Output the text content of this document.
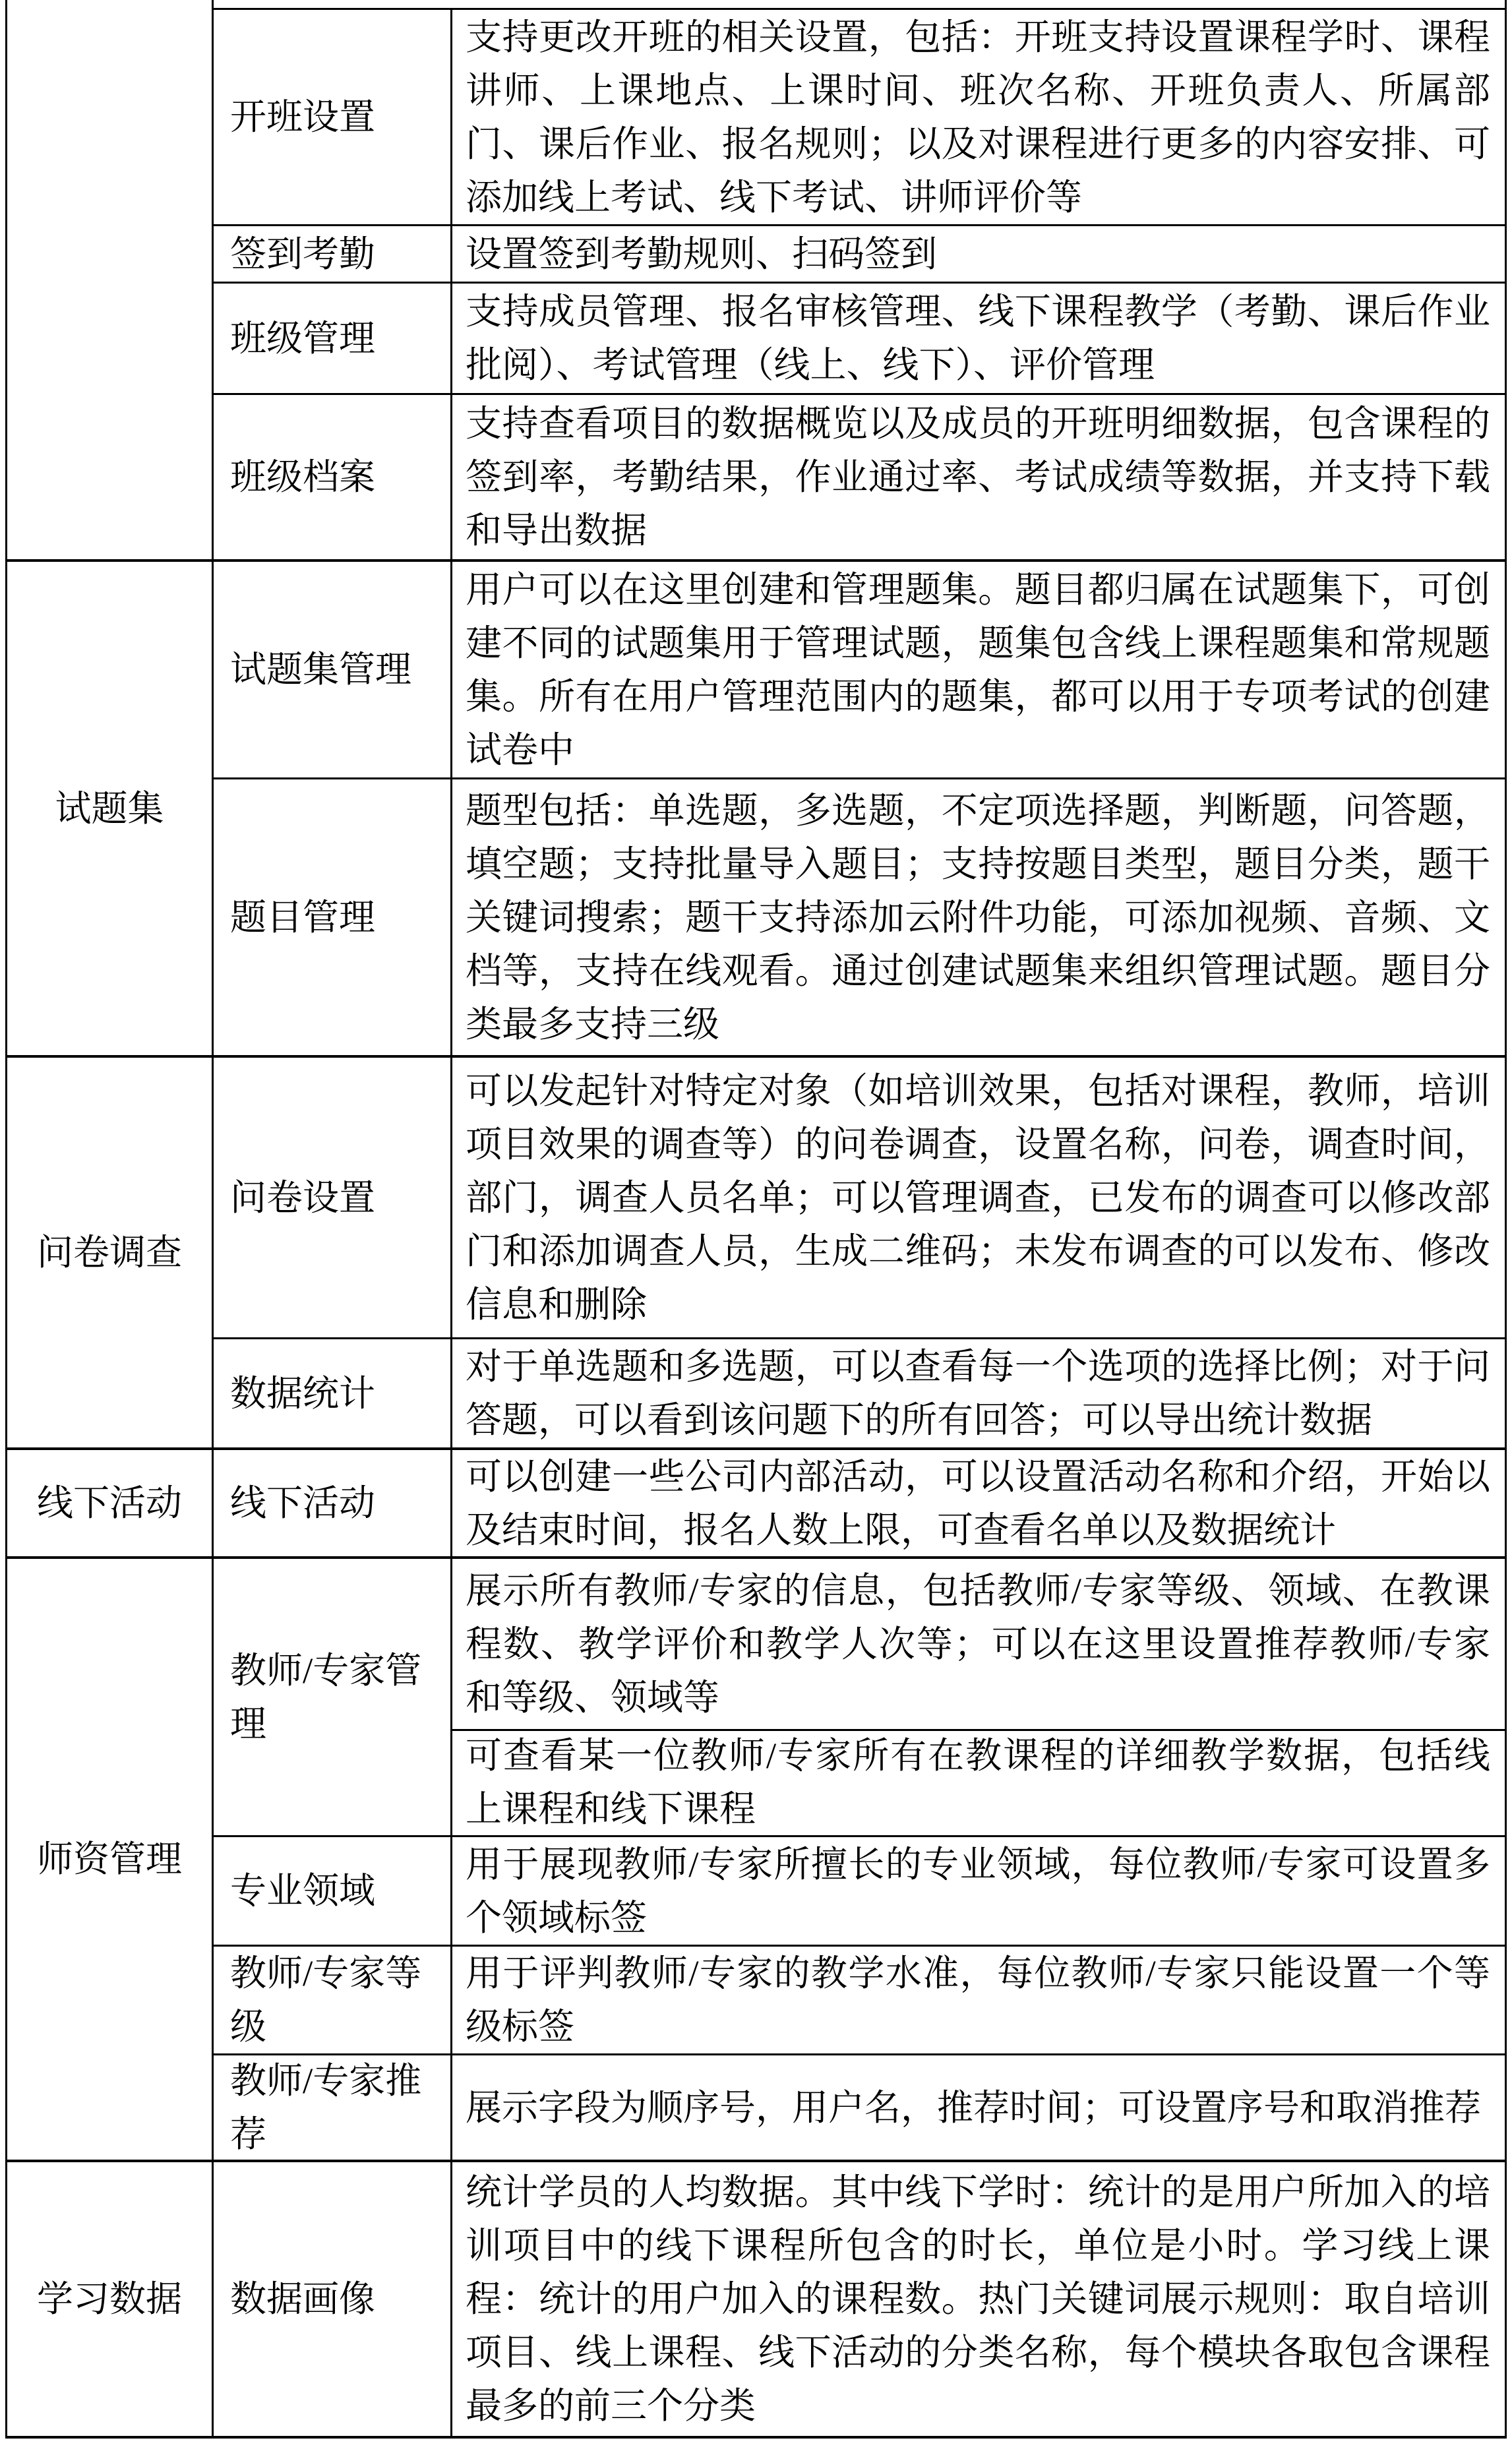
开班设置
支持更改开班的相关设置，包括：开班支持设置课程学时、课程讲师、上课地点、上课时间、班次名称、开班负责人、所属部门、课后作业、报名规则；以及对课程进行更多的内容安排、可添加线上考试、线下考试、讲师评价等
签到考勤	设置签到考勤规则、扫码签到
班级管理
支持成员管理、报名审核管理、线下课程教学（考勤、课后作业批阅）、考试管理（线上、线下）、评价管理
班级档案
支持查看项目的数据概览以及成员的开班明细数据，包含课程的签到率，考勤结果，作业通过率、考试成绩等数据，并支持下载和导出数据
试题集
试题集管理
用户可以在这里创建和管理题集。题目都归属在试题集下，可创建不同的试题集用于管理试题，题集包含线上课程题集和常规题集。所有在用户管理范围内的题集，都可以用于专项考试的创建试卷中
题目管理
题型包括：单选题，多选题，不定项选择题，判断题，问答题，填空题；支持批量导入题目；支持按题目类型，题目分类，题干关键词搜索；题干支持添加云附件功能，可添加视频、音频、文档等，支持在线观看。通过创建试题集来组织管理试题。题目分类最多支持三级
问卷调查
问卷设置
可以发起针对特定对象（如培训效果，包括对课程，教师，培训项目效果的调查等）的问卷调查，设置名称，问卷，调查时间，部门，调查人员名单；可以管理调查，已发布的调查可以修改部门和添加调查人员，生成二维码；未发布调查的可以发布、修改信息和删除
数据统计
对于单选题和多选题，可以查看每一个选项的选择比例；对于问答题，可以看到该问题下的所有回答；可以导出统计数据
线下活动 线下活动
可以创建一些公司内部活动，可以设置活动名称和介绍，开始以及结束时间，报名人数上限，可查看名单以及数据统计
师资管理
教师/专家管理
展示所有教师/专家的信息，包括教师/专家等级、领域、在教课程数、教学评价和教学人次等；可以在这里设置推荐教师/专家和等级、领域等
可查看某一位教师/专家所有在教课程的详细教学数据，包括线上课程和线下课程
专业领域
用于展现教师/专家所擅长的专业领域，每位教师/专家可设置多个领域标签
教师/专家等级
用于评判教师/专家的教学水准，每位教师/专家只能设置一个等级标签
教师/专家推荐
展示字段为顺序号，用户名，推荐时间；可设置序号和取消推荐
学习数据 数据画像
统计学员的人均数据。其中线下学时：统计的是用户所加入的培训项目中的线下课程所包含的时长，单位是小时。学习线上课程：统计的用户加入的课程数。热门关键词展示规则：取自培训项目、线上课程、线下活动的分类名称，每个模块各取包含课程最多的前三个分类
